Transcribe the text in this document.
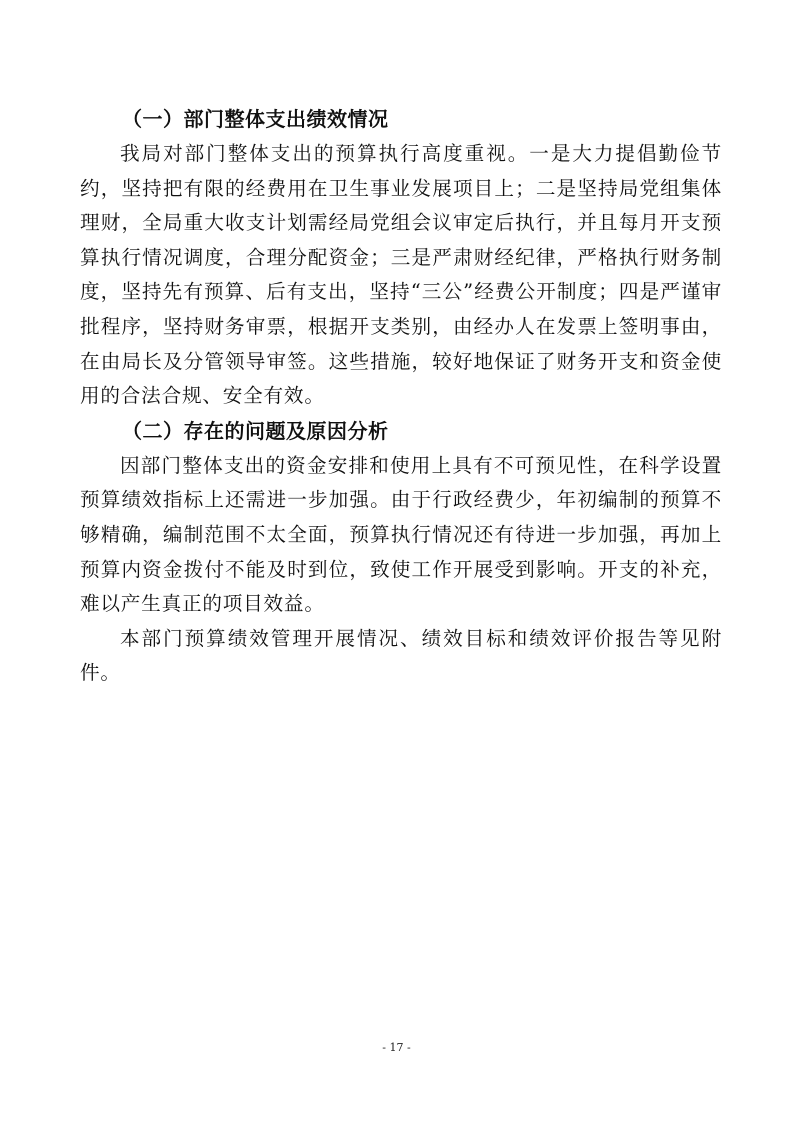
（一）部门整体支出绩效情况

我局对部门整体支出的预算执行高度重视。一是大力提倡勤俭节约，坚持把有限的经费用在卫生事业发展项目上；二是坚持局党组集体理财，全局重大收支计划需经局党组会议审定后执行，并且每月开支预算执行情况调度，合理分配资金；三是严肃财经纪律，严格执行财务制度，坚持先有预算、后有支出，坚持“三公”经费公开制度；四是严谨审批程序，坚持财务审票，根据开支类别，由经办人在发票上签明事由，在由局长及分管领导审签。这些措施，较好地保证了财务开支和资金使用的合法合规、安全有效。

（二）存在的问题及原因分析

因部门整体支出的资金安排和使用上具有不可预见性，在科学设置预算绩效指标上还需进一步加强。由于行政经费少，年初编制的预算不够精确，编制范围不太全面，预算执行情况还有待进一步加强，再加上预算内资金拨付不能及时到位，致使工作开展受到影响。开支的补充，难以产生真正的项目效益。

本部门预算绩效管理开展情况、绩效目标和绩效评价报告等见附件。

- 17 -
